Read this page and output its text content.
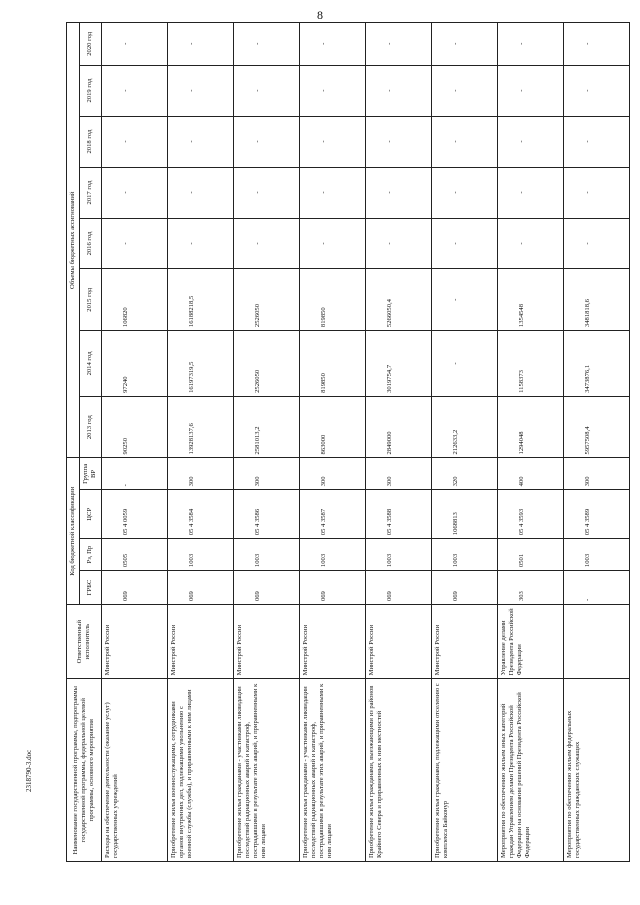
8
2318790-3.doc	Наименование государственной программы, подпрограммы государственной программы, федеральной целевой программы, основного мероприятия	Ответственный исполнитель	Код бюджетной классификации				Объемы бюджетных ассигнований							
		ГРБС	Рз, Пр	ЦСР	Группа ВР	2013 год	2014 год	2015 год	2016 год	2017 год	2018 год	2019 год	2020 год
Расходы на обеспечение деятельности (оказание услуг) государственных учреждений	Минстрой России	069	0505	05 4 0059	-	90250	97240	106820	-	-	-	-	-
Приобретение жилья военнослужащими, сотрудниками органов внутренних дел, подлежащими увольнению с военной службы (службы), и приравненными к ним лицами	Минстрой России	069	1003	05 4 3584	300	13928137,6	16197319,5	16188218,5	-	-	-	-	-
Приобретение жилья гражданами - участниками ликвидации последствий радиационных аварий и катастроф, пострадавшими в результате этих аварий, и приравненными к ним лицами	Минстрой России	069	1003	05 4 3586	300	2581013,2	2526050	2526050	-	-	-	-	-
Приобретение жилья гражданами - участниками ликвидации последствий радиационных аварий и катастроф, пострадавшими в результате этих аварий, и приравненными к ним лицами	Минстрой России	069	1003	05 4 3587	300	863000	819850	819850	-	-	-	-	-
Приобретение жилья гражданами, выезжающими из районов Крайнего Севера и приравненных к ним местностей	Минстрой России	069	1003	05 4 3588	300	2849000	3019754,7	5266050,4	-	-	-	-	-
Приобретение жилья гражданами, подлежащими отселению с комплекса Байконур	Минстрой России	069	1003	1068813	320	212633,2	-	-	-	-	-	-	-
Мероприятия по обеспечению жильем иных категорий граждан Управлением делами Президента Российской Федерации на основании решений Президента Российской Федерации	Управление делами Президента Российской Федерации	303	0501	05 4 3593	400	1294048	1158373	1354548	-	-	-	-	-
Мероприятия по обеспечению жильем федеральных государственных гражданских служащих		-	1003	05 4 3589	300	5957508,4	3473876,1	3481818,6	-	-	-	-	-
